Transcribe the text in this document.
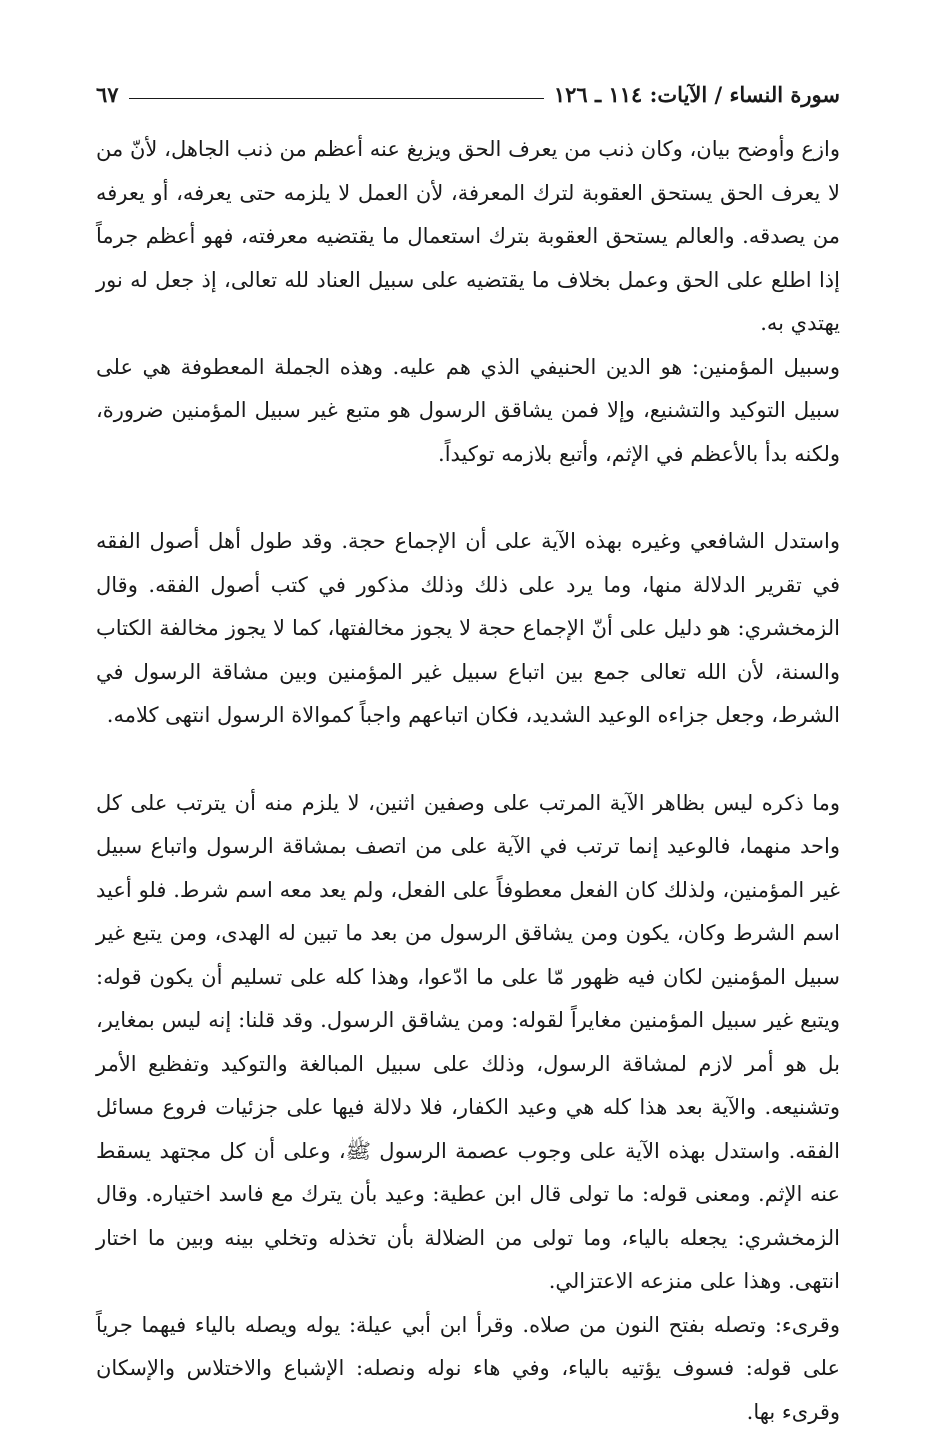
سورة النساء / الآيات: ١١٤ ـ ١٢٦
٦٧

وازع وأوضح بيان، وكان ذنب من يعرف الحق ويزيغ عنه أعظم من ذنب الجاهل، لأنّ من لا يعرف الحق يستحق العقوبة لترك المعرفة، لأن العمل لا يلزمه حتى يعرفه، أو يعرفه من يصدقه. والعالم يستحق العقوبة بترك استعمال ما يقتضيه معرفته، فهو أعظم جرماً إذا اطلع على الحق وعمل بخلاف ما يقتضيه على سبيل العناد لله تعالى، إذ جعل له نور يهتدي به.

وسبيل المؤمنين: هو الدين الحنيفي الذي هم عليه. وهذه الجملة المعطوفة هي على سبيل التوكيد والتشنيع، وإلا فمن يشاقق الرسول هو متبع غير سبيل المؤمنين ضرورة، ولكنه بدأ بالأعظم في الإثم، وأتبع بلازمه توكيداً.

واستدل الشافعي وغيره بهذه الآية على أن الإجماع حجة. وقد طول أهل أصول الفقه في تقرير الدلالة منها، وما يرد على ذلك وذلك مذكور في كتب أصول الفقه. وقال الزمخشري: هو دليل على أنّ الإجماع حجة لا يجوز مخالفتها، كما لا يجوز مخالفة الكتاب والسنة، لأن الله تعالى جمع بين اتباع سبيل غير المؤمنين وبين مشاقة الرسول في الشرط، وجعل جزاءه الوعيد الشديد، فكان اتباعهم واجباً كموالاة الرسول انتهى كلامه.

وما ذكره ليس بظاهر الآية المرتب على وصفين اثنين، لا يلزم منه أن يترتب على كل واحد منهما، فالوعيد إنما ترتب في الآية على من اتصف بمشاقة الرسول واتباع سبيل غير المؤمنين، ولذلك كان الفعل معطوفاً على الفعل، ولم يعد معه اسم شرط. فلو أعيد اسم الشرط وكان، يكون ومن يشاقق الرسول من بعد ما تبين له الهدى، ومن يتبع غير سبيل المؤمنين لكان فيه ظهور مّا على ما ادّعوا، وهذا كله على تسليم أن يكون قوله: ويتبع غير سبيل المؤمنين مغايراً لقوله: ومن يشاقق الرسول. وقد قلنا: إنه ليس بمغاير، بل هو أمر لازم لمشاقة الرسول، وذلك على سبيل المبالغة والتوكيد وتفظيع الأمر وتشنيعه. والآية بعد هذا كله هي وعيد الكفار، فلا دلالة فيها على جزئيات فروع مسائل الفقه. واستدل بهذه الآية على وجوب عصمة الرسول ﷺ، وعلى أن كل مجتهد يسقط عنه الإثم. ومعنى قوله: ما تولى قال ابن عطية: وعيد بأن يترك مع فاسد اختياره. وقال الزمخشري: يجعله بالياء، وما تولى من الضلالة بأن تخذله وتخلي بينه وبين ما اختار انتهى. وهذا على منزعه الاعتزالي.

وقرىء: وتصله بفتح النون من صلاه. وقرأ ابن أبي عيلة: يوله ويصله بالياء فيهما جرياً على قوله: فسوف يؤتيه بالياء، وفي هاء نوله ونصله: الإشباع والاختلاس والإسكان وقرىء بها.
